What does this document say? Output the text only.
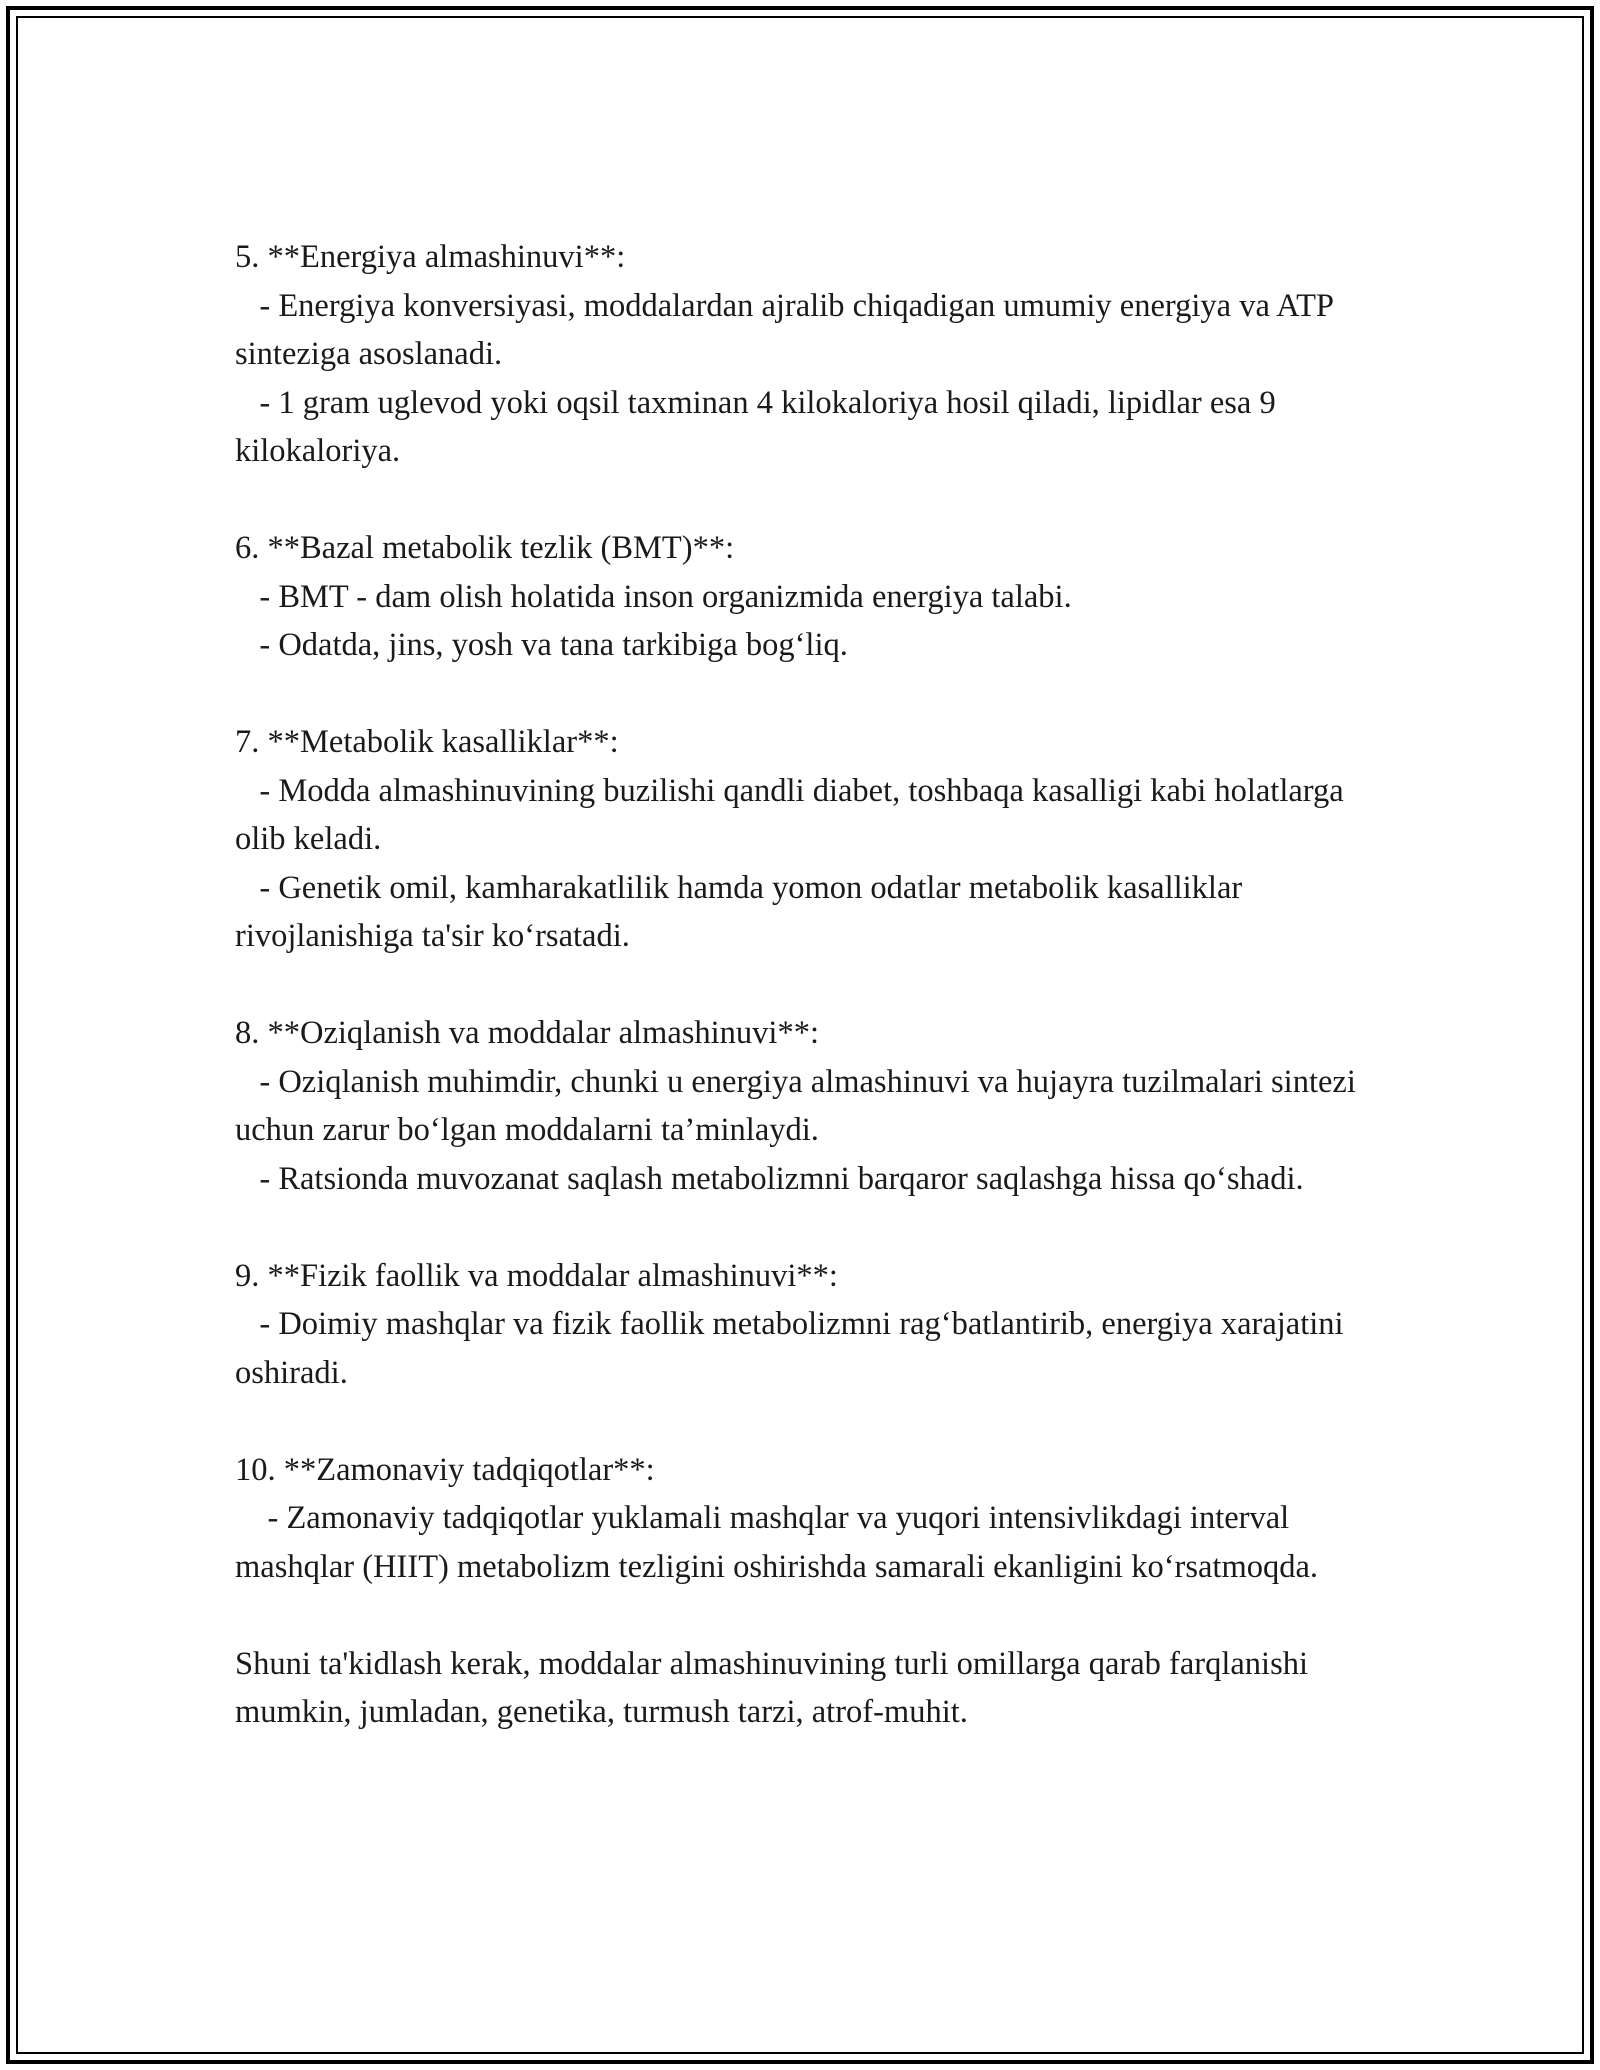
5. **Energiya almashinuvi**:

- Energiya konversiyasi, moddalardan ajralib chiqadigan umumiy energiya va ATP sinteziga asoslanadi.

- 1 gram uglevod yoki oqsil taxminan 4 kilokaloriya hosil qiladi, lipidlar esa 9 kilokaloriya.

6. **Bazal metabolik tezlik (BMT)**:

- BMT - dam olish holatida inson organizmida energiya talabi.

- Odatda, jins, yosh va tana tarkibiga bog‘liq.

7. **Metabolik kasalliklar**:

- Modda almashinuvining buzilishi qandli diabet, toshbaqa kasalligi kabi holatlarga olib keladi.

- Genetik omil, kamharakatlilik hamda yomon odatlar metabolik kasalliklar rivojlanishiga ta'sir ko‘rsatadi.

8. **Oziqlanish va moddalar almashinuvi**:

- Oziqlanish muhimdir, chunki u energiya almashinuvi va hujayra tuzilmalari sintezi uchun zarur bo‘lgan moddalarni ta’minlaydi.

- Ratsionda muvozanat saqlash metabolizmni barqaror saqlashga hissa qo‘shadi.

9. **Fizik faollik va moddalar almashinuvi**:

- Doimiy mashqlar va fizik faollik metabolizmni rag‘batlantirib, energiya xarajatini oshiradi.

10. **Zamonaviy tadqiqotlar**:

- Zamonaviy tadqiqotlar yuklamali mashqlar va yuqori intensivlikdagi interval mashqlar (HIIT) metabolizm tezligini oshirishda samarali ekanligini ko‘rsatmoqda.

Shuni ta'kidlash kerak, moddalar almashinuvining turli omillarga qarab farqlanishi mumkin, jumladan, genetika, turmush tarzi, atrof-muhit.
